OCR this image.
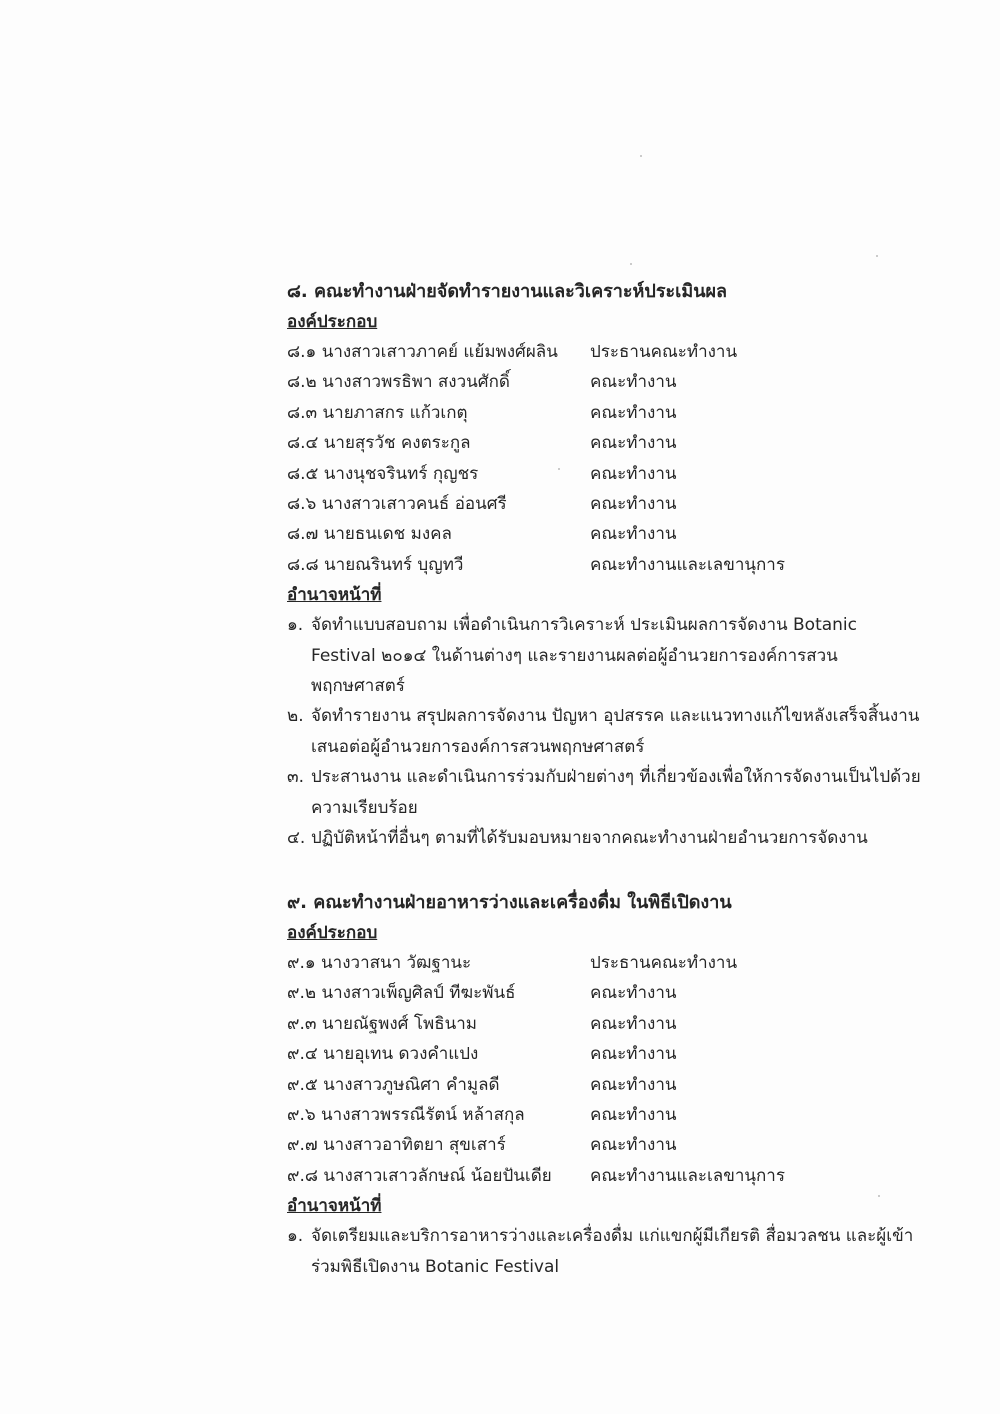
๘. คณะทำงานฝ่ายจัดทำรายงานและวิเคราะห์ประเมินผล
องค์ประกอบ
๘.๑ นางสาวเสาวภาคย์ แย้มพงศ์ผลิน	ประธานคณะทำงาน
๘.๒ นางสาวพรธิพา สงวนศักดิ์	คณะทำงาน
๘.๓ นายภาสกร แก้วเกตุ	คณะทำงาน
๘.๔ นายสุรวัช คงตระกูล	คณะทำงาน
๘.๕ นางนุชจรินทร์ กุญชร	คณะทำงาน
๘.๖ นางสาวเสาวคนธ์ อ่อนศรี	คณะทำงาน
๘.๗ นายธนเดช มงคล	คณะทำงาน
๘.๘ นายณรินทร์ บุญทวี	คณะทำงานและเลขานุการ
อำนาจหน้าที่
๑. จัดทำแบบสอบถาม เพื่อดำเนินการวิเคราะห์ ประเมินผลการจัดงาน Botanic Festival ๒๐๑๔ ในด้านต่างๆ และรายงานผลต่อผู้อำนวยการองค์การสวนพฤกษศาสตร์
๒. จัดทำรายงาน สรุปผลการจัดงาน ปัญหา อุปสรรค และแนวทางแก้ไขหลังเสร็จสิ้นงาน เสนอต่อผู้อำนวยการองค์การสวนพฤกษศาสตร์
๓. ประสานงาน และดำเนินการร่วมกับฝ่ายต่างๆ ที่เกี่ยวข้องเพื่อให้การจัดงานเป็นไปด้วยความเรียบร้อย
๔. ปฏิบัติหน้าที่อื่นๆ ตามที่ได้รับมอบหมายจากคณะทำงานฝ่ายอำนวยการจัดงาน
๙. คณะทำงานฝ่ายอาหารว่างและเครื่องดื่ม ในพิธีเปิดงาน
องค์ประกอบ
๙.๑ นางวาสนา วัฒฐานะ	ประธานคณะทำงาน
๙.๒ นางสาวเพ็ญศิลป์ ทีฆะพันธ์	คณะทำงาน
๙.๓ นายณัฐพงศ์ โพธินาม	คณะทำงาน
๙.๔ นายอุเทน ดวงคำแปง	คณะทำงาน
๙.๕ นางสาวภูษณิศา คำมูลดี	คณะทำงาน
๙.๖ นางสาวพรรณีรัตน์ หล้าสกุล	คณะทำงาน
๙.๗ นางสาวอาทิตยา สุขเสาร์	คณะทำงาน
๙.๘ นางสาวเสาวลักษณ์ น้อยปันเดีย	คณะทำงานและเลขานุการ
อำนาจหน้าที่
๑. จัดเตรียมและบริการอาหารว่างและเครื่องดื่ม แก่แขกผู้มีเกียรติ สื่อมวลชน และผู้เข้าร่วมพิธีเปิดงาน Botanic Festival
